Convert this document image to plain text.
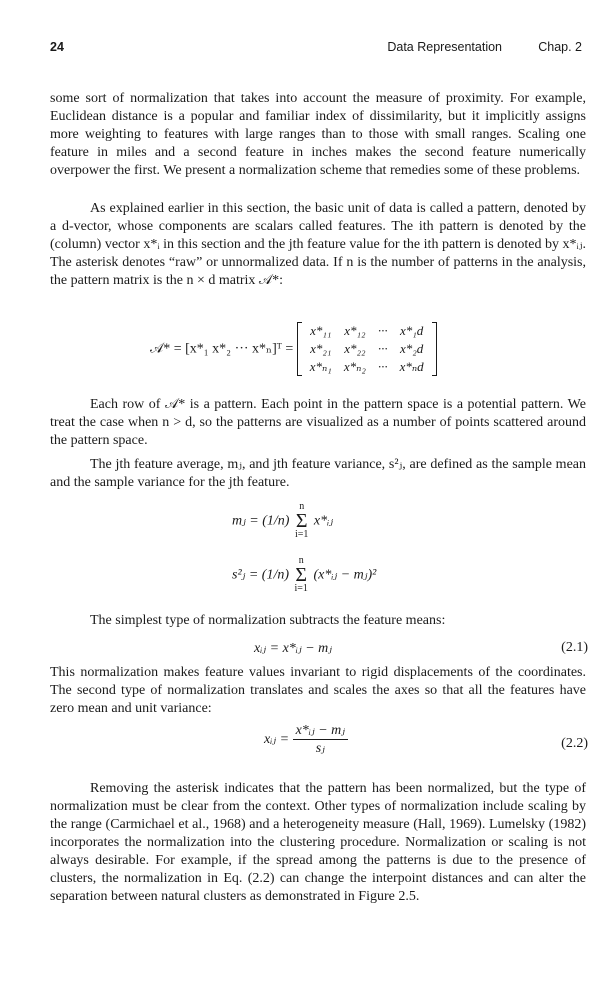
24	Data Representation	Chap. 2

some sort of normalization that takes into account the measure of proximity. For example, Euclidean distance is a popular and familiar index of dissimilarity, but it implicitly assigns more weighting to features with large ranges than to those with small ranges. Scaling one feature in miles and a second feature in inches makes the second feature numerically overpower the first. We present a normalization scheme that remedies some of these problems.

As explained earlier in this section, the basic unit of data is called a pattern, denoted by a d-vector, whose components are scalars called features. The ith pattern is denoted by the (column) vector x*ᵢ in this section and the jth feature value for the ith pattern is denoted by x*ᵢⱼ. The asterisk denotes “raw” or unnormalized data. If n is the number of patterns in the analysis, the pattern matrix is the n × d matrix 𝒜*:

𝒜* = [x*₁ x*₂ ··· x*ₙ]ᵀ =
x*₁₁	x*₁₂	···	x*₁d
x*₂₁	x*₂₂	···	x*₂d
x*ₙ₁	x*ₙ₂	···	x*ₙd

Each row of 𝒜* is a pattern. Each point in the pattern space is a potential pattern. We treat the case when n > d, so the patterns are visualized as a number of points scattered around the pattern space.

The jth feature average, mⱼ, and jth feature variance, s²ⱼ, are defined as the sample mean and the sample variance for the jth feature.

mⱼ = (1/n) n
Σ
i=1 x*ᵢⱼ
s²ⱼ = (1/n) n
Σ
i=1 (x*ᵢⱼ − mⱼ)²

The simplest type of normalization subtracts the feature means:

xᵢⱼ = x*ᵢⱼ − mⱼ	(2.1)

This normalization makes feature values invariant to rigid displacements of the coordinates. The second type of normalization translates and scales the axes so that all the features have zero mean and unit variance:

xᵢⱼ = $\frac{\text{x*ᵢⱼ − mⱼ}}{\text{sⱼ}}$	(2.2)

Removing the asterisk indicates that the pattern has been normalized, but the type of normalization must be clear from the context. Other types of normalization include scaling by the range (Carmichael et al., 1968) and a heterogeneity measure (Hall, 1969). Lumelsky (1982) incorporates the normalization into the clustering procedure. Normalization or scaling is not always desirable. For example, if the spread among the patterns is due to the presence of clusters, the normalization in Eq. (2.2) can change the interpoint distances and can alter the separation between natural clusters as demonstrated in Figure 2.5.
